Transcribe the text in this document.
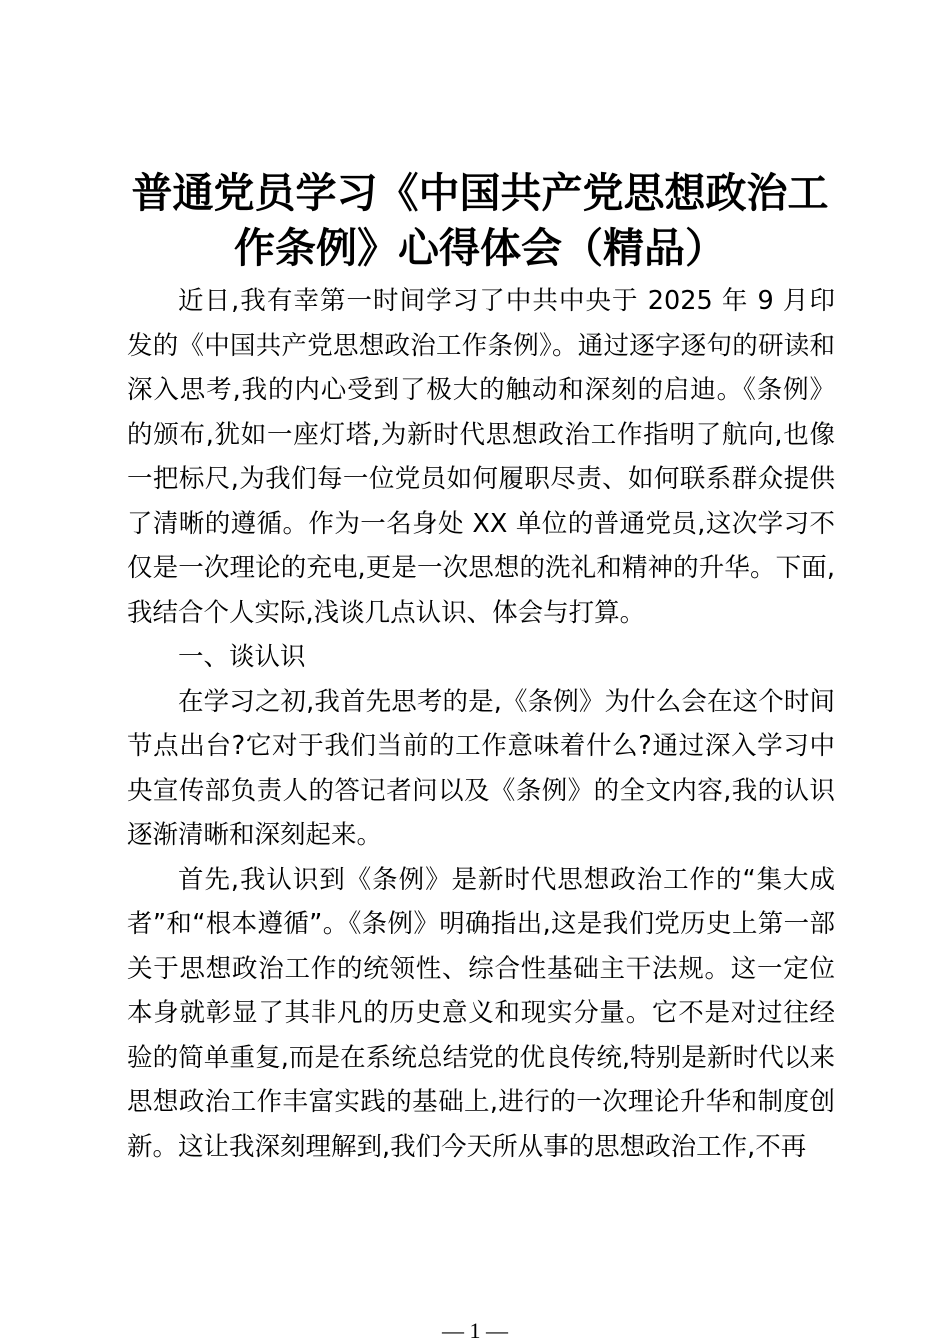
普通党员学习《中国共产党思想政治工
作条例》心得体会（精品）

近日,我有幸第一时间学习了中共中央于 2025 年 9 月印发的《中国共产党思想政治工作条例》。通过逐字逐句的研读和深入思考,我的内心受到了极大的触动和深刻的启迪。《条例》的颁布,犹如一座灯塔,为新时代思想政治工作指明了航向,也像一把标尺,为我们每一位党员如何履职尽责、如何联系群众提供了清晰的遵循。作为一名身处 XX 单位的普通党员,这次学习不仅是一次理论的充电,更是一次思想的洗礼和精神的升华。下面,我结合个人实际,浅谈几点认识、体会与打算。

一、谈认识

在学习之初,我首先思考的是,《条例》为什么会在这个时间节点出台?它对于我们当前的工作意味着什么?通过深入学习中央宣传部负责人的答记者问以及《条例》的全文内容,我的认识逐渐清晰和深刻起来。

首先,我认识到《条例》是新时代思想政治工作的“集大成者”和“根本遵循”。《条例》明确指出,这是我们党历史上第一部关于思想政治工作的统领性、综合性基础主干法规。这一定位本身就彰显了其非凡的历史意义和现实分量。它不是对过往经验的简单重复,而是在系统总结党的优良传统,特别是新时代以来思想政治工作丰富实践的基础上,进行的一次理论升华和制度创新。这让我深刻理解到,我们今天所从事的思想政治工作,不再

— 1 —
